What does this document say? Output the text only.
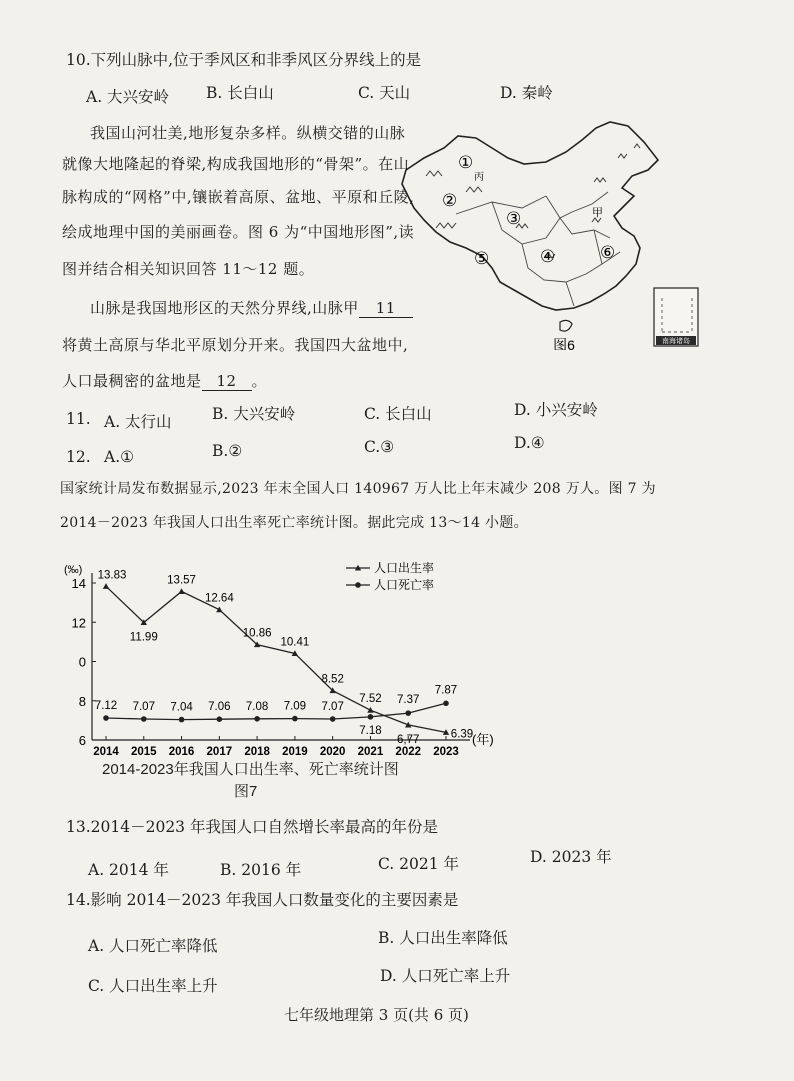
10.下列山脉中,位于季风区和非季风区分界线上的是
A. 大兴安岭 B. 长白山	C. 天山	D. 秦岭
我国山河壮美,地形复杂多样。纵横交错的山脉
就像大地隆起的脊梁,构成我国地形的“骨架”。在山
脉构成的“网格”中,镶嵌着高原、盆地、平原和丘陵,
绘成地理中国的美丽画卷。图 6 为“中国地形图”,读
图并结合相关知识回答 11～12 题。
山脉是我国地形区的天然分界线,山脉甲 11
将黄土高原与华北平原划分开来。我国四大盆地中,
人口最稠密的盆地是 12 。
南海诸岛
①
丙
②
③
④
⑤	⑥
甲
图6
11. A. 太行山	B. 大兴安岭	C. 长白山	D. 小兴安岭
12. A.①	B.②	C.③	D.④
国家统计局发布数据显示,2023 年末全国人口 140967 万人比上年末减少 208 万人。图 7 为
2014－2023 年我国人口出生率死亡率统计图。据此完成 13～14 小题。
(‰)
(年)
14
12
0
8
6
2014 2015 2016 2017 2018 2019 2020 2021 2022 2023
13.83
11.99
13.57
12.64
10.86
10.41
8.52
7.52
6,77	6.39
7.12 7.07 7.04 7.06 7.08 7.09 7.07
7.18
7.37
7.87
人口出生率
人口死亡率
2014-2023年我国人口出生率、死亡率统计图
图7
13.2014－2023 年我国人口自然增长率最高的年份是
A. 2014 年	B. 2016 年	C. 2021 年	D. 2023 年
14.影响 2014－2023 年我国人口数量变化的主要因素是
A. 人口死亡率降低	B. 人口出生率降低
C. 人口出生率上升
D. 人口死亡率上升
七年级地理第 3 页(共 6 页)
